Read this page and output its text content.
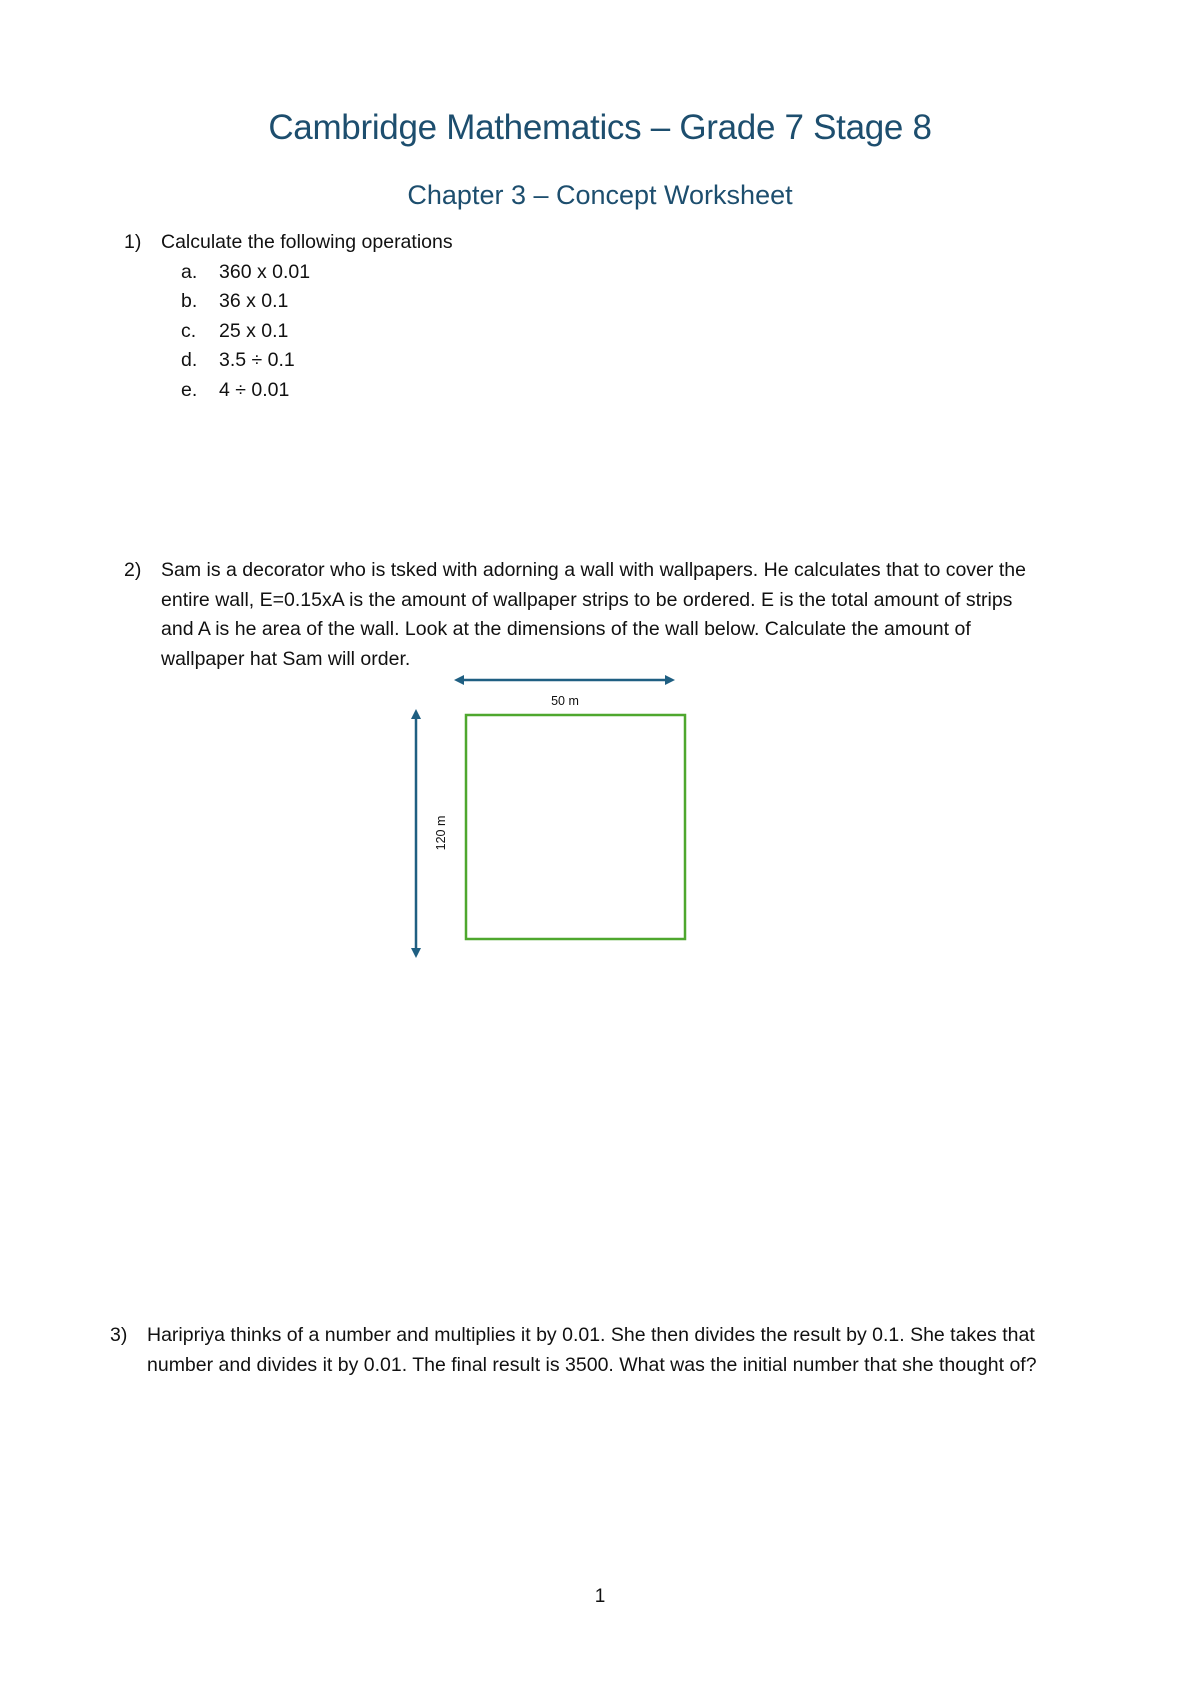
Cambridge Mathematics – Grade 7 Stage 8
Chapter 3 – Concept Worksheet
1) Calculate the following operations
a. 360 x 0.01
b. 36 x 0.1
c. 25 x 0.1
d. 3.5 ÷ 0.1
e. 4 ÷ 0.01
2) Sam is a decorator who is tsked with adorning a wall with wallpapers. He calculates that to cover the entire wall, E=0.15xA is the amount of wallpaper strips to be ordered. E is the total amount of strips and A is he area of the wall. Look at the dimensions of the wall below. Calculate the amount of wallpaper hat Sam will order.
50 m
120 m
3) Haripriya thinks of a number and multiplies it by 0.01. She then divides the result by 0.1. She takes that number and divides it by 0.01. The final result is 3500. What was the initial number that she thought of?
1
